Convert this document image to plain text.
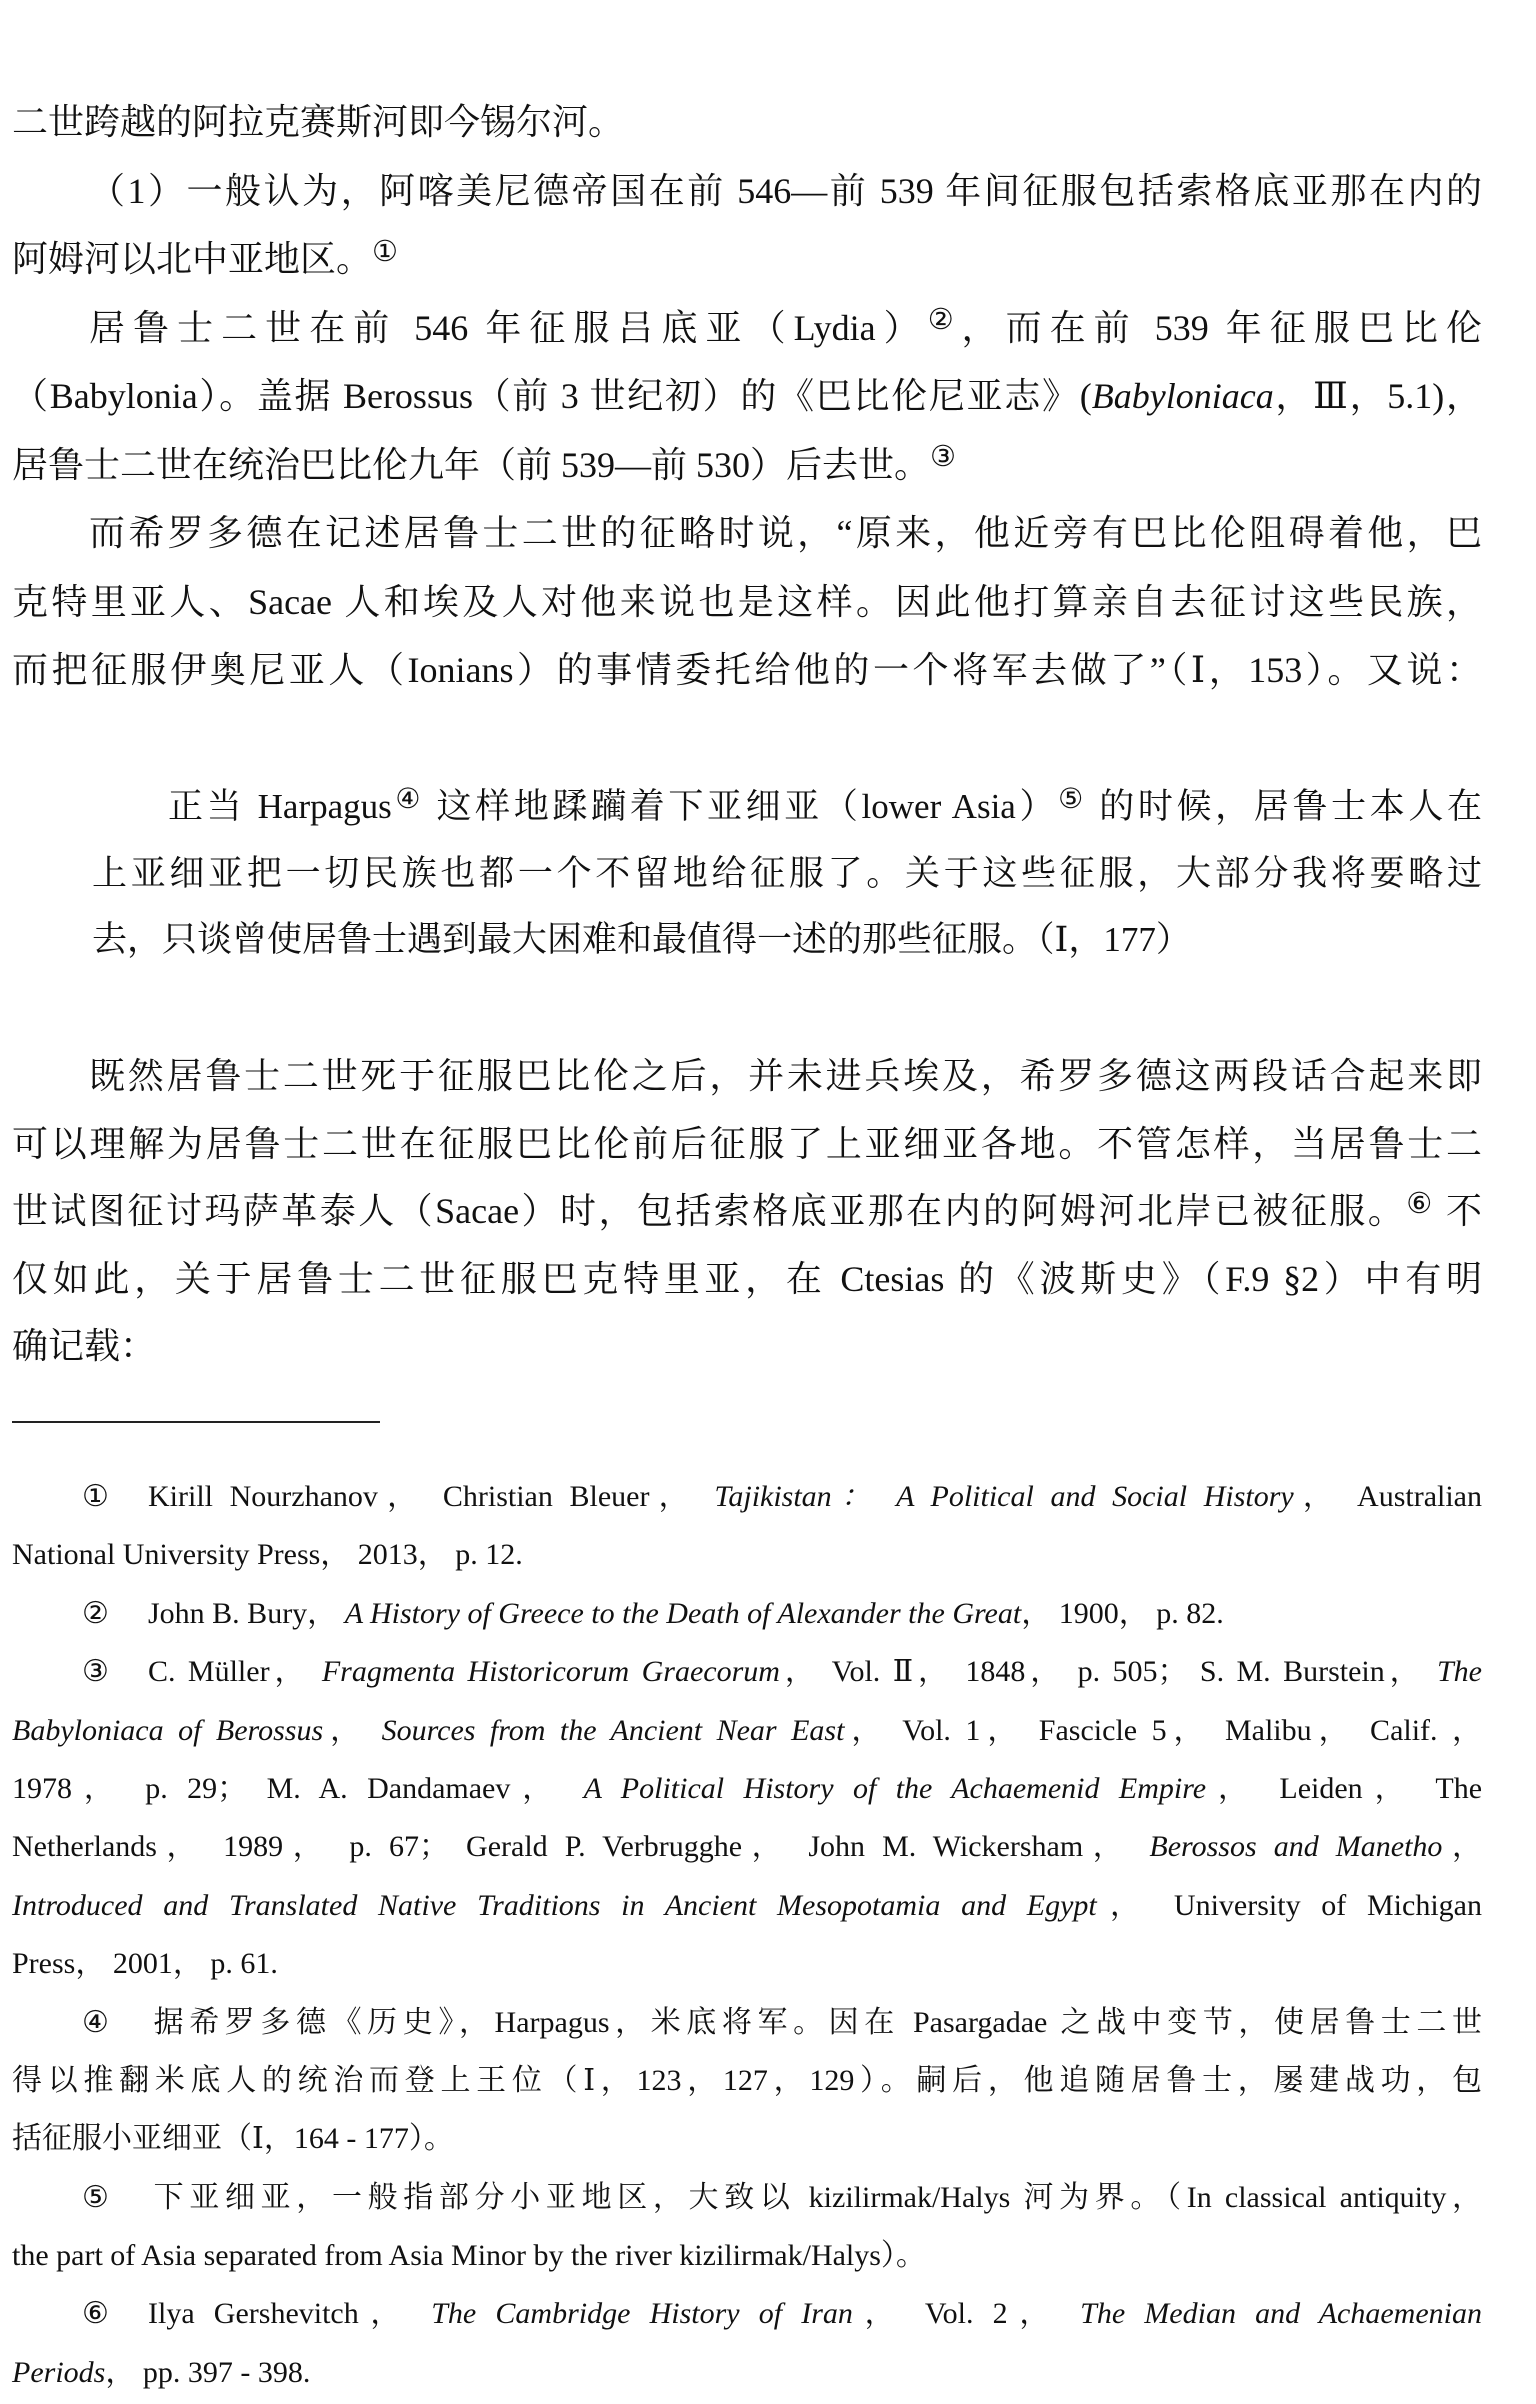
二世跨越的阿拉克赛斯河即今锡尔河。
（1）一般认为，阿喀美尼德帝国在前 546—前 539 年间征服包括索格底亚那在内的
阿姆河以北中亚地区。①
居鲁士二世在前 546 年征服吕底亚（Lydia）②，而在前 539 年征服巴比伦
（Babylonia）。盖据 Berossus（前 3 世纪初）的《巴比伦尼亚志》(Babyloniaca，Ⅲ，5.1)，
居鲁士二世在统治巴比伦九年（前 539—前 530）后去世。③
而希罗多德在记述居鲁士二世的征略时说，“原来，他近旁有巴比伦阻碍着他，巴
克特里亚人、Sacae 人和埃及人对他来说也是这样。因此他打算亲自去征讨这些民族，
而把征服伊奥尼亚人（Ionians）的事情委托给他的一个将军去做了”（Ⅰ，153）。又说：
正当 Harpagus④ 这样地蹂躏着下亚细亚（lower Asia）⑤ 的时候，居鲁士本人在
上亚细亚把一切民族也都一个不留地给征服了。关于这些征服，大部分我将要略过
去，只谈曾使居鲁士遇到最大困难和最值得一述的那些征服。（Ⅰ，177）
既然居鲁士二世死于征服巴比伦之后，并未进兵埃及，希罗多德这两段话合起来即
可以理解为居鲁士二世在征服巴比伦前后征服了上亚细亚各地。不管怎样，当居鲁士二
世试图征讨玛萨革泰人（Sacae）时，包括索格底亚那在内的阿姆河北岸已被征服。⑥ 不
仅如此，关于居鲁士二世征服巴克特里亚，在 Ctesias 的《波斯史》（F.9 §2）中有明
确记载：
① Kirill Nourzhanov， Christian Bleuer， Tajikistan： A Political and Social History， Australian
National University Press， 2013， p. 12.
② John B. Bury， A History of Greece to the Death of Alexander the Great， 1900， p. 82.
③ C. Müller， Fragmenta Historicorum Graecorum， Vol. Ⅱ， 1848， p. 505； S. M. Burstein， The
Babyloniaca of Berossus， Sources from the Ancient Near East， Vol. 1， Fascicle 5， Malibu， Calif. ，
1978， p. 29； M. A. Dandamaev， A Political History of the Achaemenid Empire， Leiden， The
Netherlands， 1989， p. 67； Gerald P. Verbrugghe， John M. Wickersham， Berossos and Manetho，
Introduced and Translated Native Traditions in Ancient Mesopotamia and Egypt， University of Michigan
Press， 2001， p. 61.
④ 据希罗多德《历史》，Harpagus，米底将军。因在 Pasargadae 之战中变节，使居鲁士二世
得以推翻米底人的统治而登上王位（Ⅰ，123，127，129）。嗣后，他追随居鲁士，屡建战功，包
括征服小亚细亚（Ⅰ，164 - 177）。
⑤ 下亚细亚，一般指部分小亚地区，大致以 kizilirmak/Halys 河为界。（In classical antiquity，
the part of Asia separated from Asia Minor by the river kizilirmak/Halys）。
⑥ Ilya Gershevitch， The Cambridge History of Iran， Vol. 2， The Median and Achaemenian
Periods， pp. 397 - 398.
